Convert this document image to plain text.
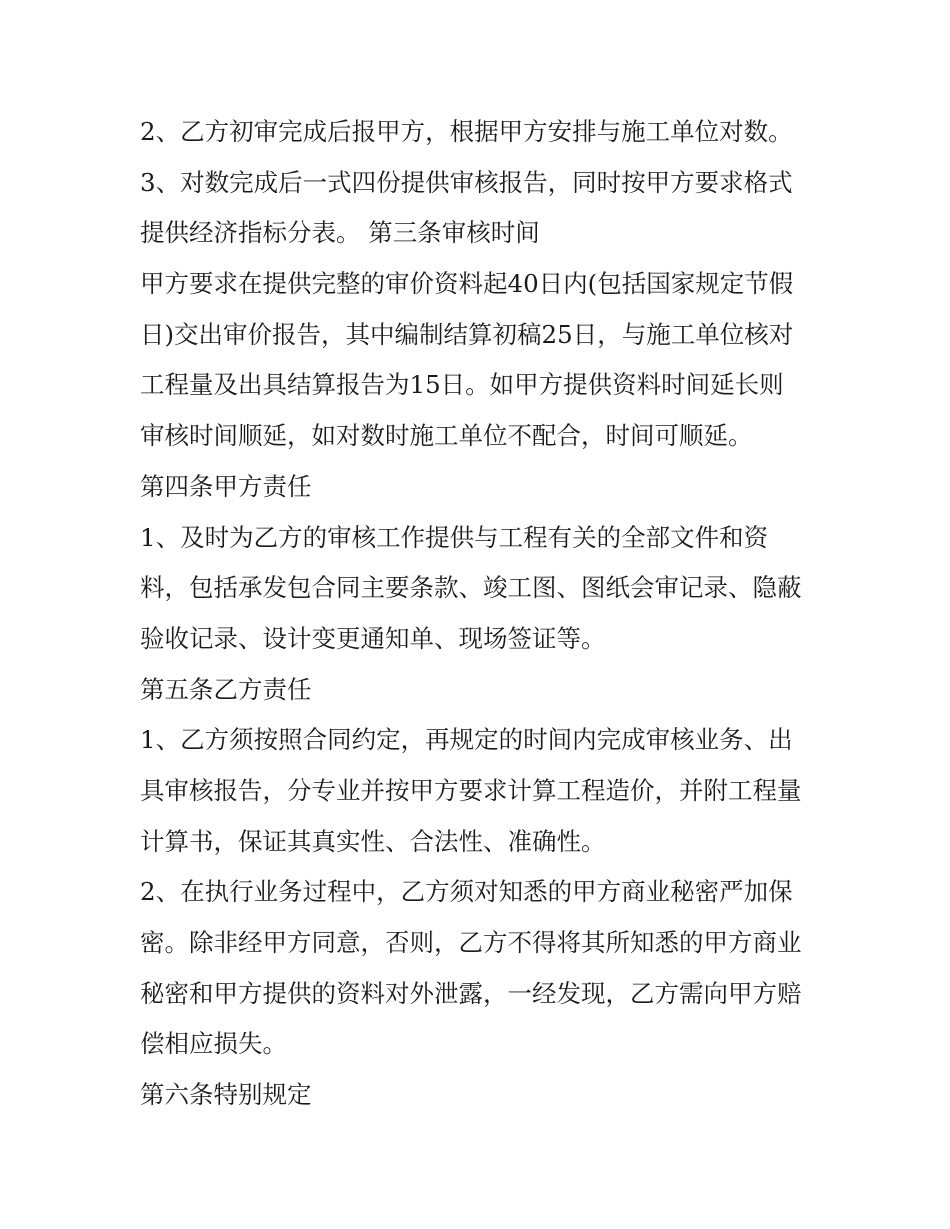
2、乙方初审完成后报甲方，根据甲方安排与施工单位对数。
3、对数完成后一式四份提供审核报告，同时按甲方要求格式
提供经济指标分表。 第三条审核时间
甲方要求在提供完整的审价资料起40日内(包括国家规定节假
日)交出审价报告，其中编制结算初稿25日，与施工单位核对
工程量及出具结算报告为15日。如甲方提供资料时间延长则
审核时间顺延，如对数时施工单位不配合，时间可顺延。
第四条甲方责任
1、及时为乙方的审核工作提供与工程有关的全部文件和资
料，包括承发包合同主要条款、竣工图、图纸会审记录、隐蔽
验收记录、设计变更通知单、现场签证等。
第五条乙方责任
1、乙方须按照合同约定，再规定的时间内完成审核业务、出
具审核报告，分专业并按甲方要求计算工程造价，并附工程量
计算书，保证其真实性、合法性、准确性。
2、在执行业务过程中，乙方须对知悉的甲方商业秘密严加保
密。除非经甲方同意，否则，乙方不得将其所知悉的甲方商业
秘密和甲方提供的资料对外泄露，一经发现，乙方需向甲方赔
偿相应损失。
第六条特别规定
